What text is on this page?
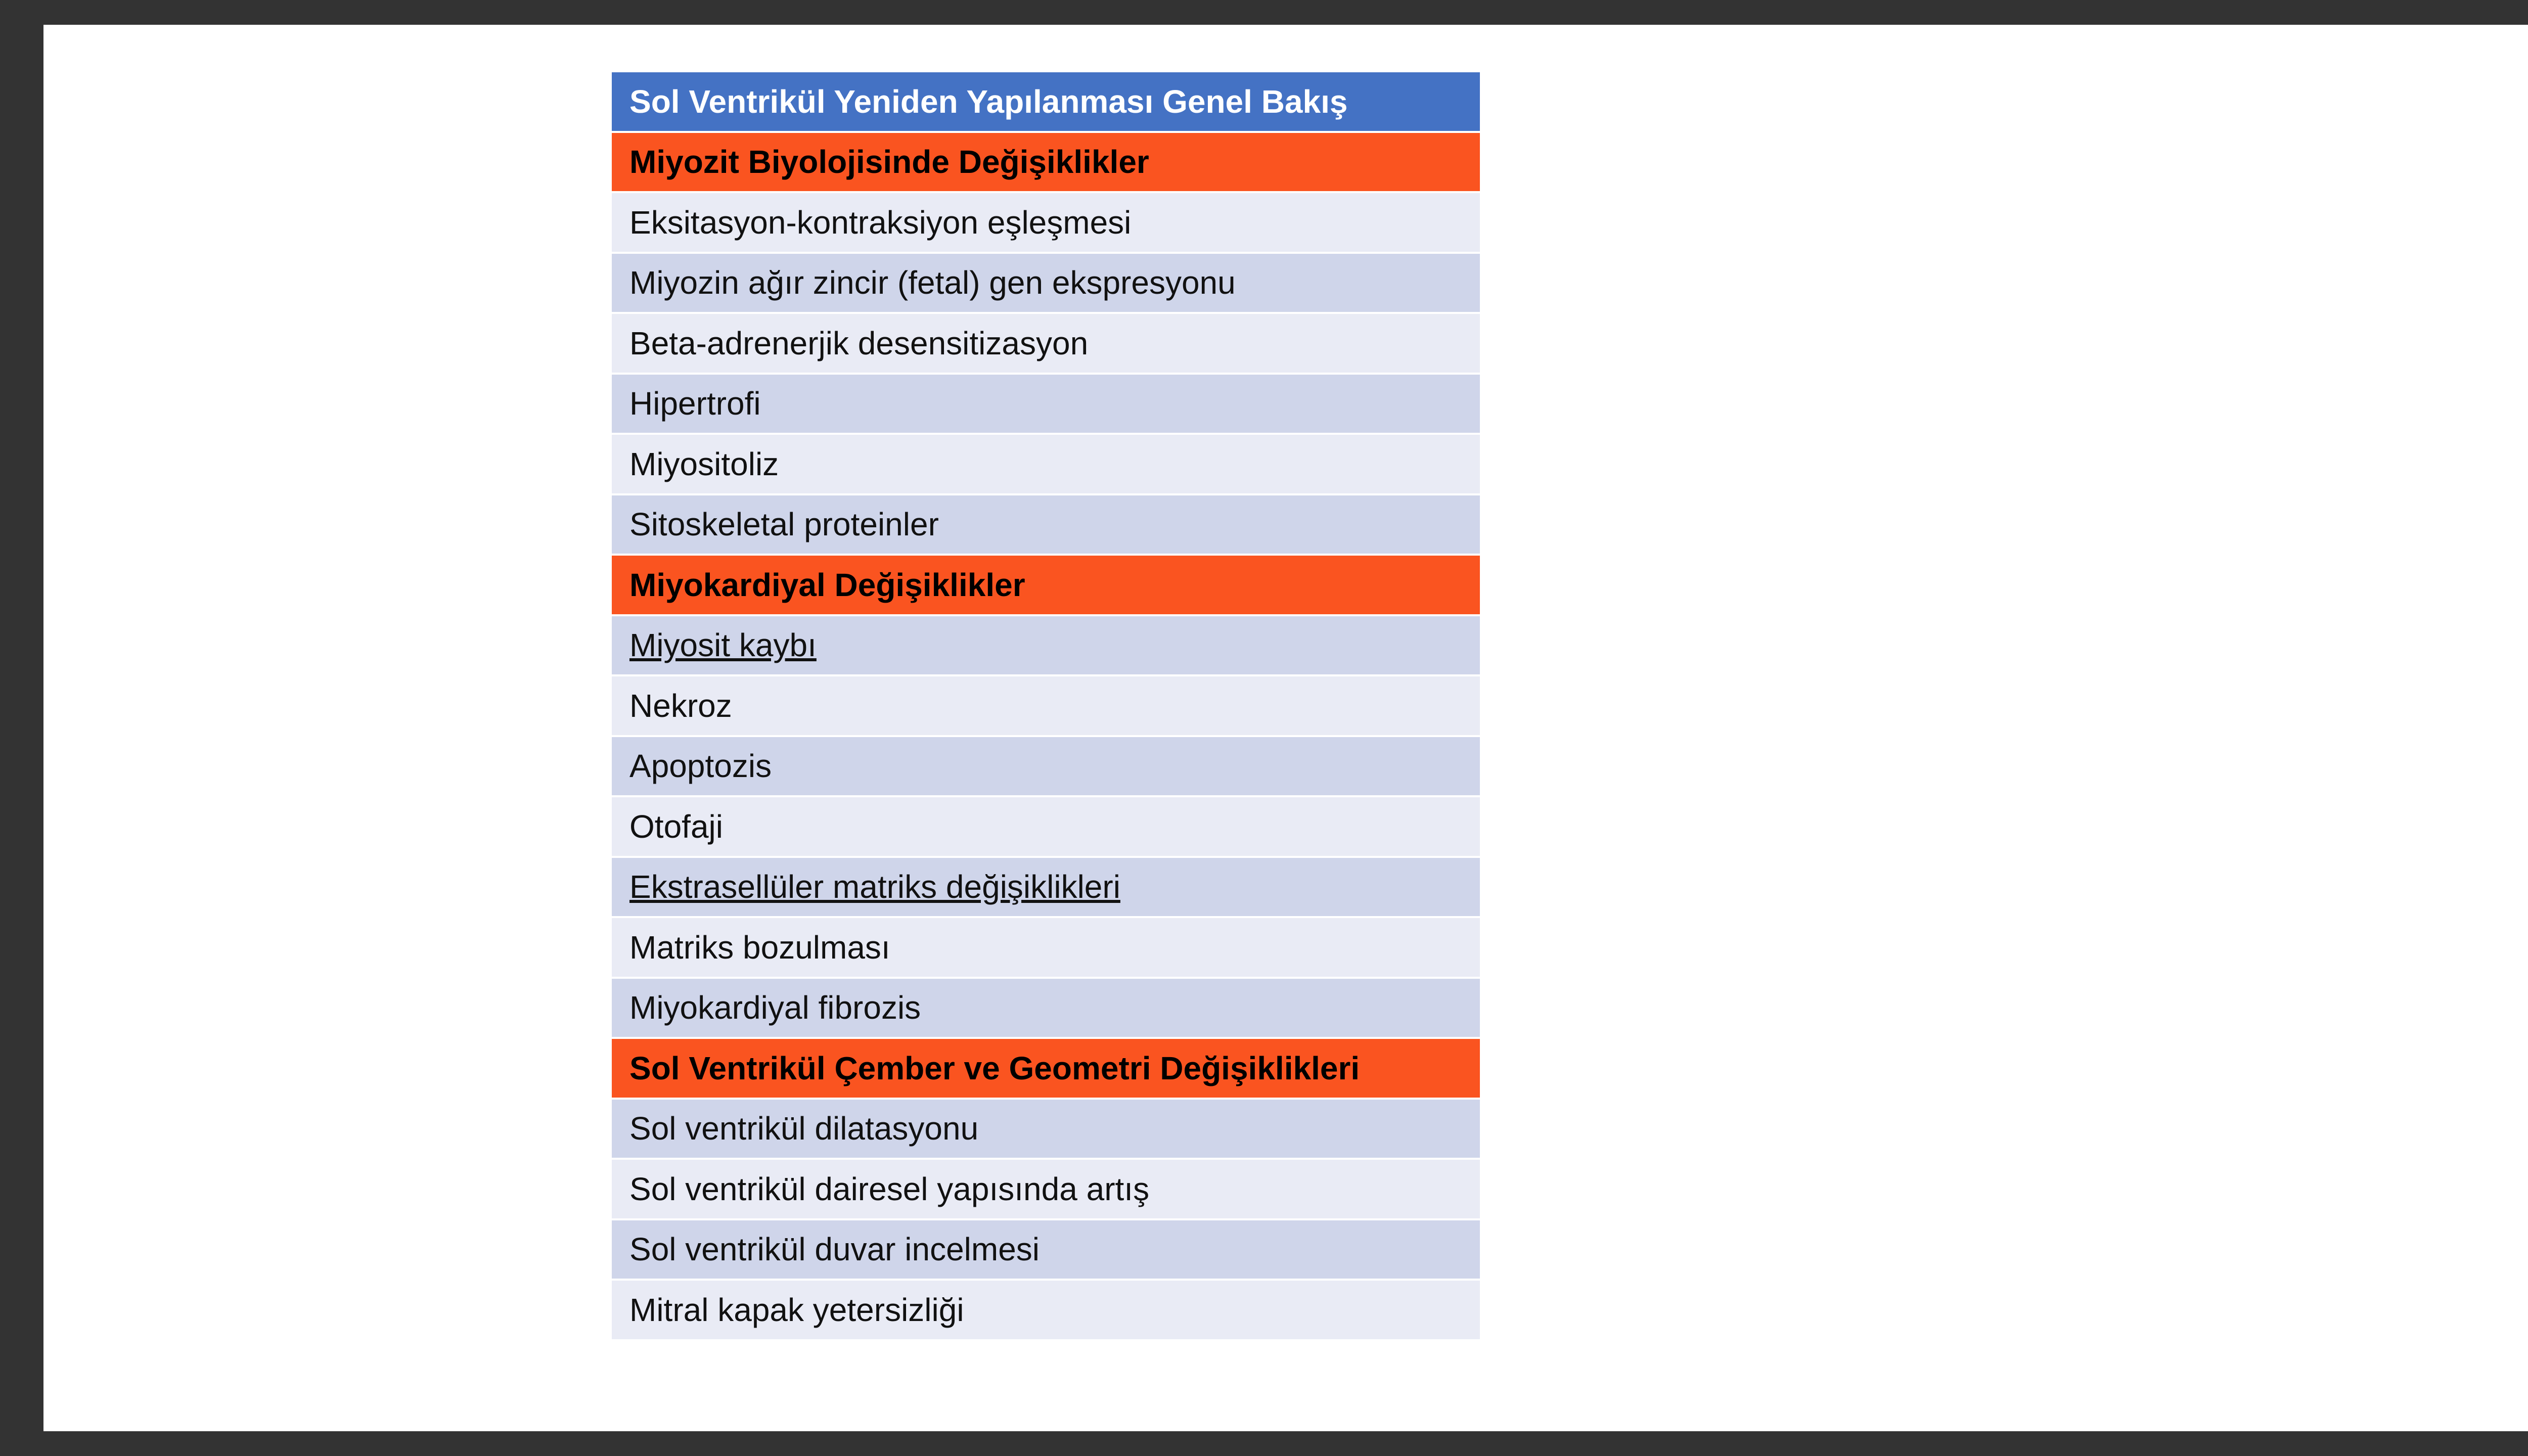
Sol Ventrikül Yeniden Yapılanması Genel Bakış
Miyozit Biyolojisinde Değişiklikler
Eksitasyon-kontraksiyon eşleşmesi
Miyozin ağır zincir (fetal) gen ekspresyonu
Beta-adrenerjik desensitizasyon
Hipertrofi
Miyositoliz
Sitoskeletal proteinler
Miyokardiyal Değişiklikler
Miyosit kaybı
Nekroz
Apoptozis
Otofaji
Ekstrasellüler matriks değişiklikleri
Matriks bozulması
Miyokardiyal fibrozis
Sol Ventrikül Çember ve Geometri Değişiklikleri
Sol ventrikül dilatasyonu
Sol ventrikül dairesel yapısında artış
Sol ventrikül duvar incelmesi
Mitral kapak yetersizliği
